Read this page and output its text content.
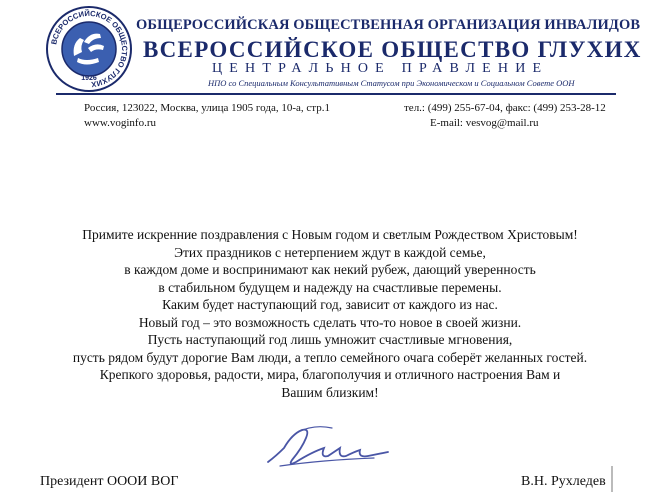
ВСЕРОССИЙСКОЕ ОБЩЕСТВО ГЛУХИХ
1926
ОБЩЕРОССИЙСКАЯ ОБЩЕСТВЕННАЯ ОРГАНИЗАЦИЯ ИНВАЛИДОВ
ВСЕРОССИЙСКОЕ ОБЩЕСТВО ГЛУХИХ
ЦЕНТРАЛЬНОЕ ПРАВЛЕНИЕ
НПО со Специальным Консультативным Статусом при Экономическом и Социальном Совете ООН
Россия, 123022, Москва, улица 1905 года, 10-а, стр.1
www.voginfo.ru
тел.: (499) 255-67-04, факс: (499) 253-28-12
E-mail: vesvog@mail.ru
Примите искренние поздравления с Новым годом и светлым Рождеством Христовым!
Этих праздников с нетерпением ждут в каждой семье,
в каждом доме и воспринимают как некий рубеж, дающий уверенность
в стабильном будущем и надежду на счастливые перемены.
Каким будет наступающий год, зависит от каждого из нас.
Новый год – это возможность сделать что-то новое в своей жизни.
Пусть наступающий год лишь умножит счастливые мгновения,
пусть рядом будут дорогие Вам люди, а тепло семейного очага соберёт желанных гостей.
Крепкого здоровья, радости, мира, благополучия и отличного настроения Вам и
Вашим близким!
Президент ОООИ ВОГ	В.Н. Рухледев
